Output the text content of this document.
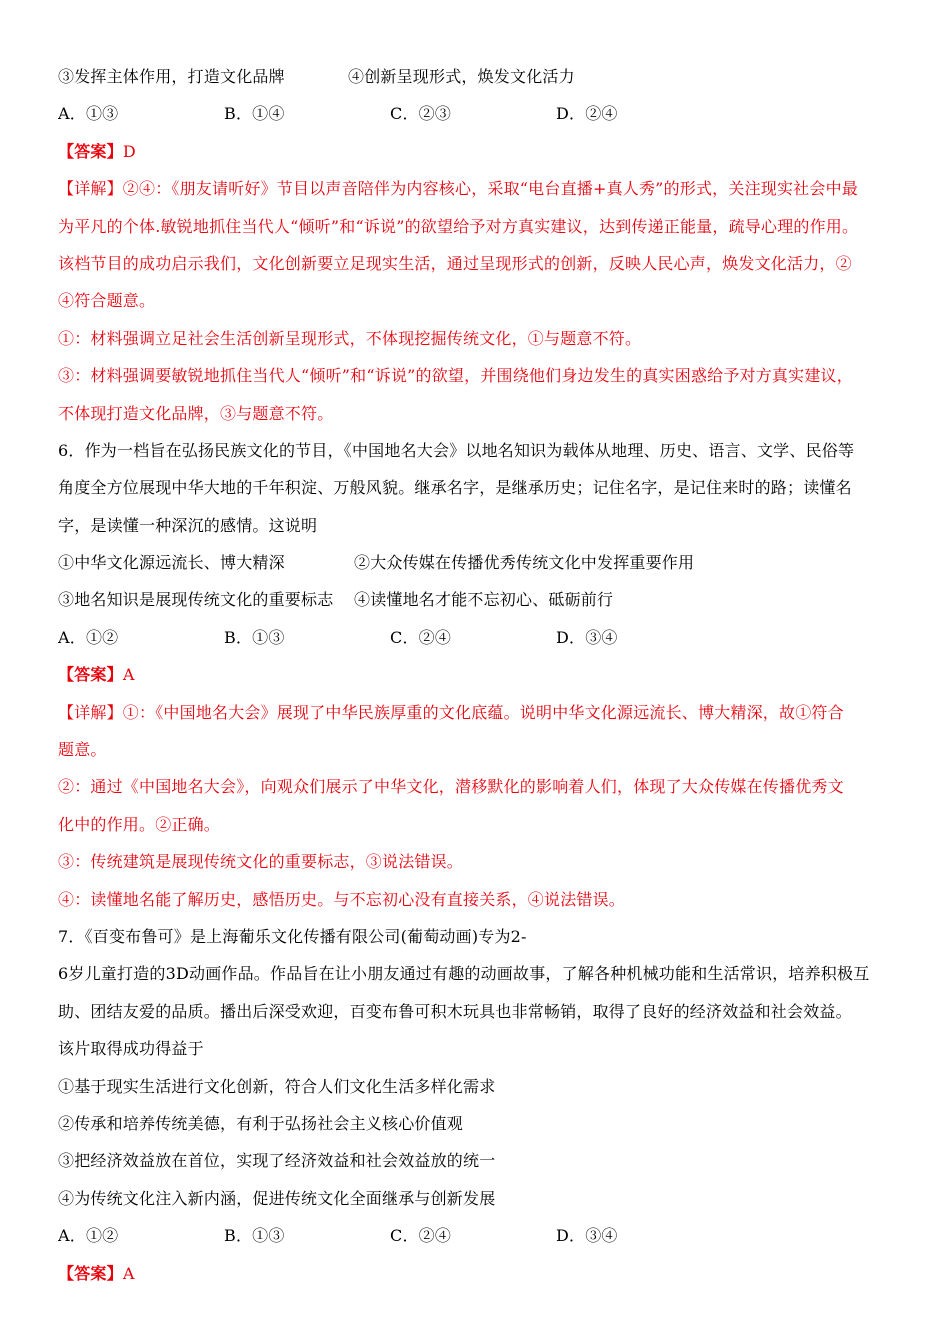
③发挥主体作用，打造文化品牌	④创新呈现形式，焕发文化活力
A．①③	B．①④	C．②③	D．②④
【答案】D
【详解】②④：《朋友请听好》节目以声音陪伴为内容核心，采取“电台直播+真人秀”的形式，关注现实社会中最
为平凡的个体.敏锐地抓住当代人“倾听”和“诉说”的欲望给予对方真实建议，达到传递正能量，疏导心理的作用。
该档节目的成功启示我们，文化创新要立足现实生活，通过呈现形式的创新，反映人民心声，焕发文化活力，②
④符合题意。
①：材料强调立足社会生活创新呈现形式，不体现挖掘传统文化，①与题意不符。
③：材料强调要敏锐地抓住当代人“倾听”和“诉说”的欲望，并围绕他们身边发生的真实困惑给予对方真实建议，
不体现打造文化品牌，③与题意不符。
6．作为一档旨在弘扬民族文化的节目，《中国地名大会》以地名知识为载体从地理、历史、语言、文学、民俗等
角度全方位展现中华大地的千年积淀、万般风貌。继承名字，是继承历史；记住名字，是记住来时的路；读懂名
字，是读懂一种深沉的感情。这说明
①中华文化源远流长、博大精深	②大众传媒在传播优秀传统文化中发挥重要作用
③地名知识是展现传统文化的重要标志 ④读懂地名才能不忘初心、砥砺前行
A．①②	B．①③	C．②④	D．③④
【答案】A
【详解】①：《中国地名大会》展现了中华民族厚重的文化底蕴。说明中华文化源远流长、博大精深，故①符合
题意。
②：通过《中国地名大会》，向观众们展示了中华文化，潜移默化的影响着人们，体现了大众传媒在传播优秀文
化中的作用。②正确。
③：传统建筑是展现传统文化的重要标志，③说法错误。
④：读懂地名能了解历史，感悟历史。与不忘初心没有直接关系，④说法错误。
7．《百变布鲁可》是上海葡乐文化传播有限公司(葡萄动画)专为2-
6岁儿童打造的3D动画作品。作品旨在让小朋友通过有趣的动画故事，了解各种机械功能和生活常识，培养积极互
助、团结友爱的品质。播出后深受欢迎，百变布鲁可积木玩具也非常畅销，取得了良好的经济效益和社会效益。
该片取得成功得益于
①基于现实生活进行文化创新，符合人们文化生活多样化需求
②传承和培养传统美德，有利于弘扬社会主义核心价值观
③把经济效益放在首位，实现了经济效益和社会效益放的统一
④为传统文化注入新内涵，促进传统文化全面继承与创新发展
A．①②	B．①③	C．②④	D．③④
【答案】A
